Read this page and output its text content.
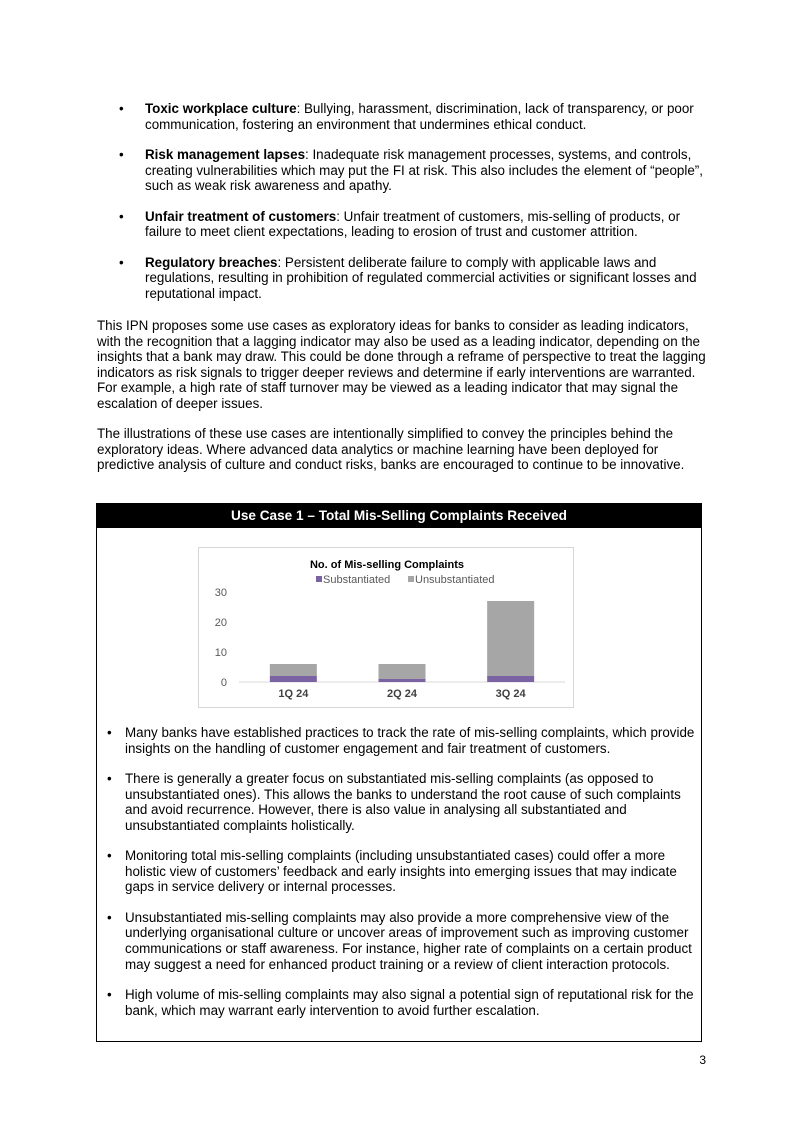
• Toxic workplace culture: Bullying, harassment, discrimination, lack of transparency, or poor communication, fostering an environment that undermines ethical conduct.
• Risk management lapses: Inadequate risk management processes, systems, and controls, creating vulnerabilities which may put the FI at risk. This also includes the element of “people”, such as weak risk awareness and apathy.
• Unfair treatment of customers: Unfair treatment of customers, mis-selling of products, or failure to meet client expectations, leading to erosion of trust and customer attrition.
• Regulatory breaches: Persistent deliberate failure to comply with applicable laws and regulations, resulting in prohibition of regulated commercial activities or significant losses and reputational impact.

This IPN proposes some use cases as exploratory ideas for banks to consider as leading indicators, with the recognition that a lagging indicator may also be used as a leading indicator, depending on the insights that a bank may draw. This could be done through a reframe of perspective to treat the lagging indicators as risk signals to trigger deeper reviews and determine if early interventions are warranted. For example, a high rate of staff turnover may be viewed as a leading indicator that may signal the escalation of deeper issues.

The illustrations of these use cases are intentionally simplified to convey the principles behind the exploratory ideas. Where advanced data analytics or machine learning have been deployed for predictive analysis of culture and conduct risks, banks are encouraged to continue to be innovative.

Use Case 1 – Total Mis-Selling Complaints Received
No. of Mis-selling Complaints
Substantiated Unsubstantiated
0
10
20
30
1Q 24	2Q 24	3Q 24
• Many banks have established practices to track the rate of mis-selling complaints, which provide insights on the handling of customer engagement and fair treatment of customers.
• There is generally a greater focus on substantiated mis-selling complaints (as opposed to unsubstantiated ones). This allows the banks to understand the root cause of such complaints and avoid recurrence. However, there is also value in analysing all substantiated and unsubstantiated complaints holistically.
• Monitoring total mis-selling complaints (including unsubstantiated cases) could offer a more holistic view of customers’ feedback and early insights into emerging issues that may indicate gaps in service delivery or internal processes.
• Unsubstantiated mis-selling complaints may also provide a more comprehensive view of the underlying organisational culture or uncover areas of improvement such as improving customer communications or staff awareness. For instance, higher rate of complaints on a certain product may suggest a need for enhanced product training or a review of client interaction protocols.
• High volume of mis-selling complaints may also signal a potential sign of reputational risk for the bank, which may warrant early intervention to avoid further escalation.
3
